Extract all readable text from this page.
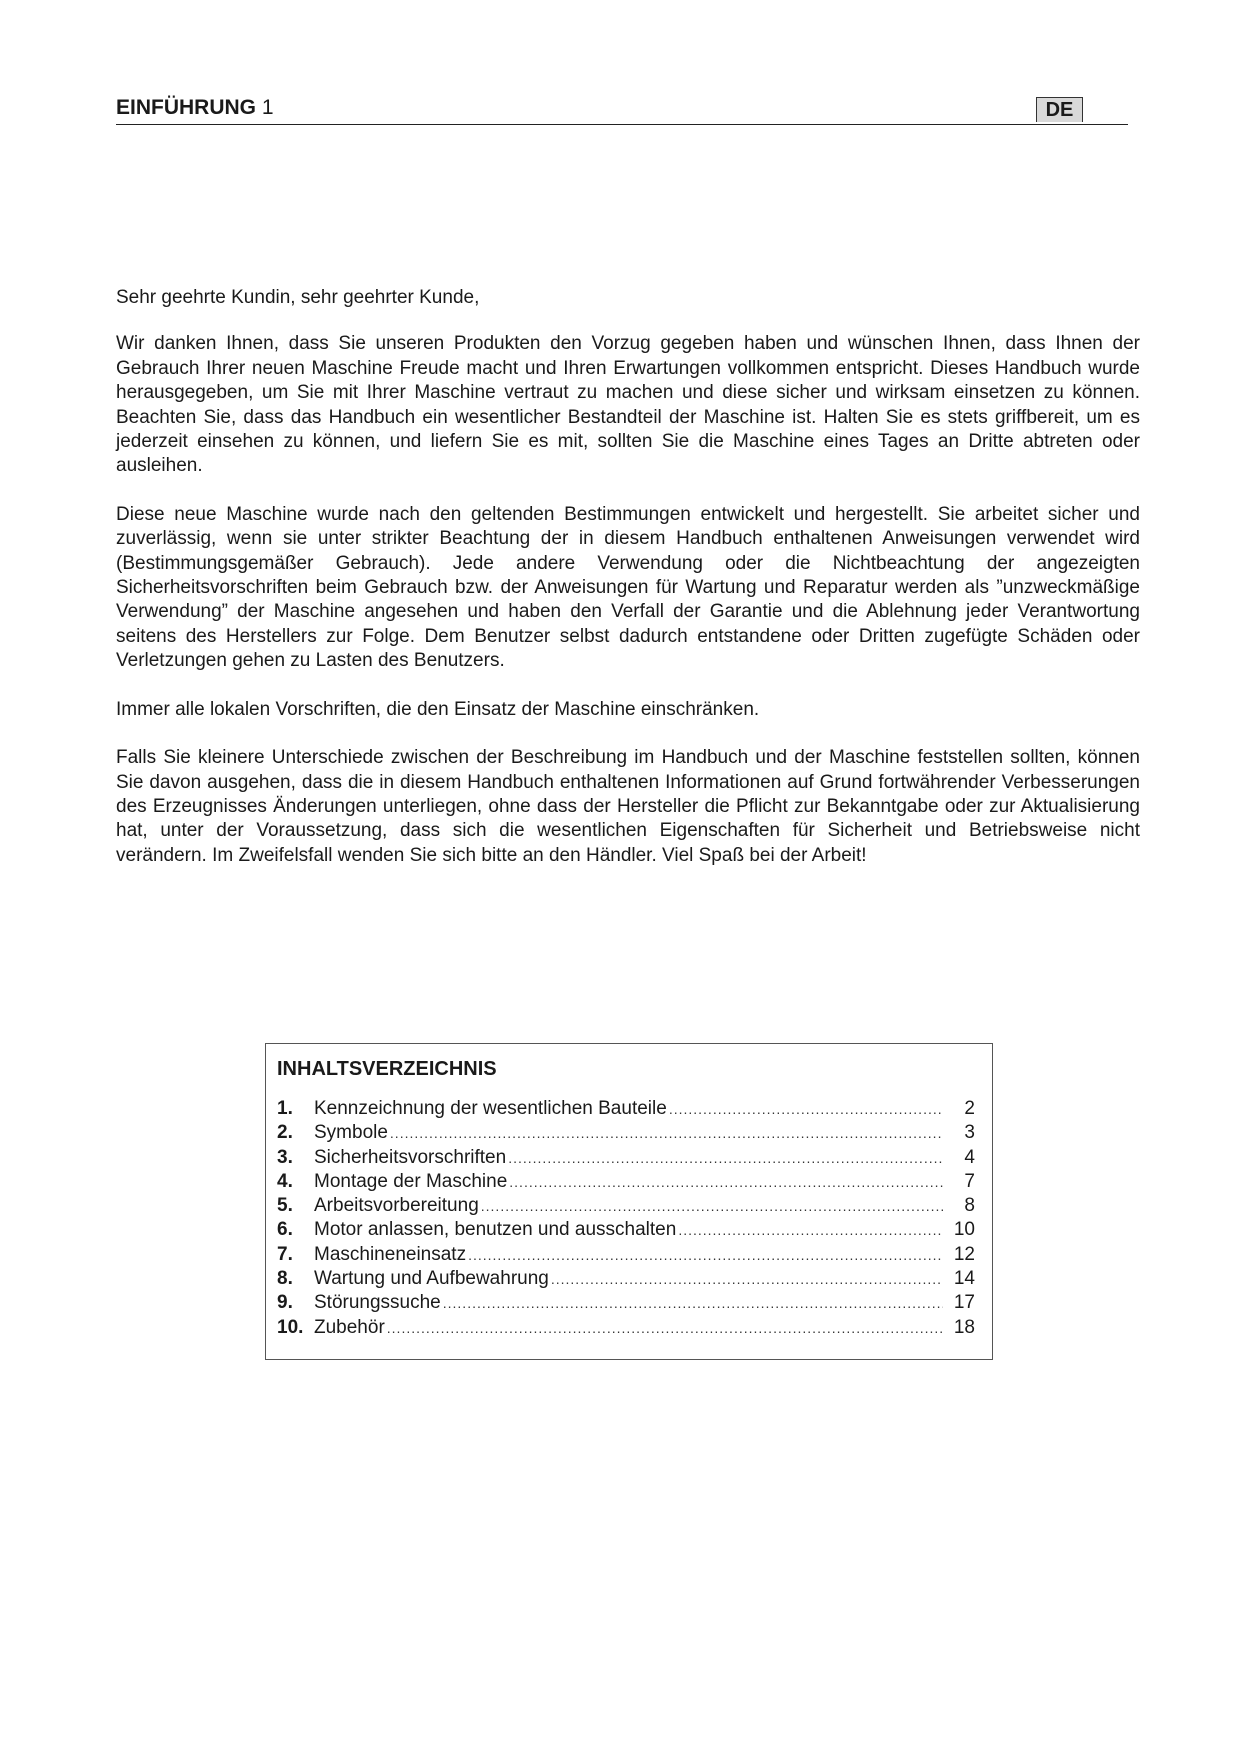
EINFÜHRUNG 1	DE

Sehr geehrte Kundin, sehr geehrter Kunde,

Wir danken Ihnen, dass Sie unseren Produkten den Vorzug gegeben haben und wünschen Ihnen, dass Ihnen der Gebrauch Ihrer neuen Maschine Freude macht und Ihren Erwartungen vollkommen entspricht. Dieses Handbuch wurde herausgegeben, um Sie mit Ihrer Maschine vertraut zu machen und diese sicher und wirksam einsetzen zu können. Beachten Sie, dass das Handbuch ein wesentlicher Bestandteil der Maschine ist. Halten Sie es stets griffbereit, um es jederzeit einsehen zu können, und liefern Sie es mit, sollten Sie die Maschine eines Tages an Dritte abtreten oder ausleihen.

Diese neue Maschine wurde nach den geltenden Bestimmungen entwickelt und hergestellt. Sie arbeitet sicher und zuverlässig, wenn sie unter strikter Beachtung der in diesem Handbuch enthaltenen Anweisungen verwendet wird (Bestimmungsgemäßer Gebrauch). Jede andere Verwendung oder die Nichtbeachtung der angezeigten Sicherheitsvorschriften beim Gebrauch bzw. der Anweisungen für Wartung und Reparatur werden als ”unzweckmäßige Verwendung” der Maschine angesehen und haben den Verfall der Garantie und die Ablehnung jeder Verantwortung seitens des Herstellers zur Folge. Dem Benutzer selbst dadurch entstandene oder Dritten zugefügte Schäden oder Verletzungen gehen zu Lasten des Benutzers.

Immer alle lokalen Vorschriften, die den Einsatz der Maschine einschränken.

Falls Sie kleinere Unterschiede zwischen der Beschreibung im Handbuch und der Maschine feststellen sollten, können Sie davon ausgehen, dass die in diesem Handbuch enthaltenen Informationen auf Grund fortwährender Verbesserungen des Erzeugnisses Änderungen unterliegen, ohne dass der Hersteller die Pflicht zur Bekanntgabe oder zur Aktualisierung hat, unter der Voraussetzung, dass sich die wesentlichen Eigenschaften für Sicherheit und Betriebsweise nicht verändern. Im Zweifelsfall wenden Sie sich bitte an den Händler. Viel Spaß bei der Arbeit!

INHALTSVERZEICHNIS
1.	Kennzeichnung der wesentlichen Bauteile .....	2
2.	Symbole .....	3
3.	Sicherheitsvorschriften .....	4
4.	Montage der Maschine .....	7
5.	Arbeitsvorbereitung .....	8
6.	Motor anlassen, benutzen und ausschalten .....	10
7.	Maschineneinsatz .....	12
8.	Wartung und Aufbewahrung .....	14
9.	Störungssuche .....	17
10. Zubehör .....	18
